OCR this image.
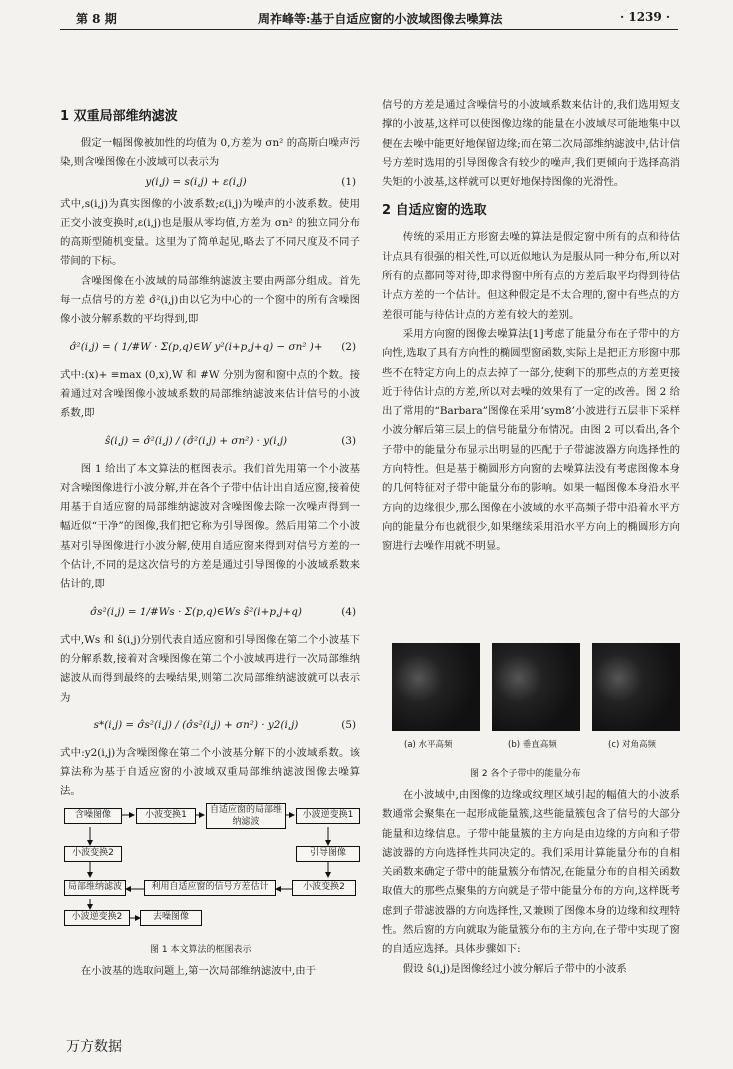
第 8 期	周祚峰等:基于自适应窗的小波域图像去噪算法	· 1239 ·
1 双重局部维纳滤波

假定一幅图像被加性的均值为 0,方差为 σn² 的高斯白噪声污染,则含噪图像在小波域可以表示为

y(i,j) = s(i,j) + ε(i,j)	(1)

式中,s(i,j)为真实图像的小波系数;ε(i,j)为噪声的小波系数。使用正交小波变换时,ε(i,j)也是服从零均值,方差为 σn² 的独立同分布的高斯型随机变量。这里为了简单起见,略去了不同尺度及不同子带间的下标。

含噪图像在小波域的局部维纳滤波主要由两部分组成。首先每一点信号的方差 σ̂²(i,j)由以它为中心的一个窗中的所有含噪图像小波分解系数的平均得到,即

σ̂²(i,j) = ( 1/#W · Σ(p,q)∈W y²(i+p,j+q) − σn² )+	(2)

式中:(x)+ ≡max (0,x),W 和 #W 分别为窗和窗中点的个数。接着通过对含噪图像小波域系数的局部维纳滤波来估计信号的小波系数,即

ŝ(i,j) = σ̂²(i,j) / (σ̂²(i,j) + σn²) · y(i,j)	(3)

图 1 给出了本文算法的框图表示。我们首先用第一个小波基对含噪图像进行小波分解,并在各个子带中估计出自适应窗,接着使用基于自适应窗的局部维纳滤波对含噪图像去除一次噪声得到一幅近似“干净”的图像,我们把它称为引导图像。然后用第二个小波基对引导图像进行小波分解,使用自适应窗来得到对信号方差的一个估计,不同的是这次信号的方差是通过引导图像的小波域系数来估计的,即

σ̂s²(i,j) = 1/#Ws · Σ(p,q)∈Ws ŝ²(i+p,j+q)	(4)

式中,Ws 和 ŝ(i,j)分别代表自适应窗和引导图像在第二个小波基下的分解系数,接着对含噪图像在第二个小波域再进行一次局部维纳滤波从而得到最终的去噪结果,则第二次局部维纳滤波就可以表示为

s*(i,j) = σ̂s²(i,j) / (σ̂s²(i,j) + σn²) · y2(i,j)	(5)

式中:y2(i,j)为含噪图像在第二个小波基分解下的小波域系数。该算法称为基于自适应窗的小波域双重局部维纳滤波图像去噪算法。

含噪图像	小波变换1	自适应窗的局部维纳滤波
小波逆变换1
小波变换2	引导图像
局部维纳滤波	利用自适应窗的信号方差估计	小波变换2
小波逆变换2	去噪图像
图 1 本文算法的框图表示

在小波基的选取问题上,第一次局部维纳滤波中,由于

信号的方差是通过含噪信号的小波域系数来估计的,我们选用短支撑的小波基,这样可以使图像边缘的能量在小波域尽可能地集中以便在去噪中能更好地保留边缘;而在第二次局部维纳滤波中,估计信号方差时选用的引导图像含有较少的噪声,我们更倾向于选择高消失矩的小波基,这样就可以更好地保持图像的光滑性。

2 自适应窗的选取

传统的采用正方形窗去噪的算法是假定窗中所有的点和待估计点具有很强的相关性,可以近似地认为是服从同一种分布,所以对所有的点都同等对待,即求得窗中所有点的方差后取平均得到待估计点方差的一个估计。但这种假定是不太合理的,窗中有些点的方差很可能与待估计点的方差有较大的差别。

采用方向窗的图像去噪算法[1]考虑了能量分布在子带中的方向性,选取了具有方向性的椭圆型窗函数,实际上是把正方形窗中那些不在特定方向上的点去掉了一部分,使剩下的那些点的方差更接近于待估计点的方差,所以对去噪的效果有了一定的改善。图 2 给出了常用的“Barbara”图像在采用‘sym8’小波进行五层非下采样小波分解后第三层上的信号能量分布情况。由图 2 可以看出,各个子带中的能量分布显示出明显的匹配于子带滤波器方向选择性的方向特性。但是基于椭圆形方向窗的去噪算法没有考虑图像本身的几何特征对子带中能量分布的影响。如果一幅图像本身沿水平方向的边缘很少,那么图像在小波域的水平高频子带中沿着水平方向的能量分布也就很少,如果继续采用沿水平方向上的椭圆形方向窗进行去噪作用就不明显。

(a) 水平高频	(b) 垂直高频	(c) 对角高频
图 2 各个子带中的能量分布

在小波域中,由图像的边缘或纹理区域引起的幅值大的小波系数通常会聚集在一起形成能量簇,这些能量簇包含了信号的大部分能量和边缘信息。子带中能量簇的主方向是由边缘的方向和子带滤波器的方向选择性共同决定的。我们采用计算能量分布的自相关函数来确定子带中的能量簇分布情况,在能量分布的自相关函数取值大的那些点聚集的方向就是子带中能量分布的方向,这样既考虑到子带滤波器的方向选择性,又兼顾了图像本身的边缘和纹理特性。然后窗的方向就取为能量簇分布的主方向,在子带中实现了窗的自适应选择。具体步骤如下:

假设 ŝ(i,j)是图像经过小波分解后子带中的小波系

万方数据
